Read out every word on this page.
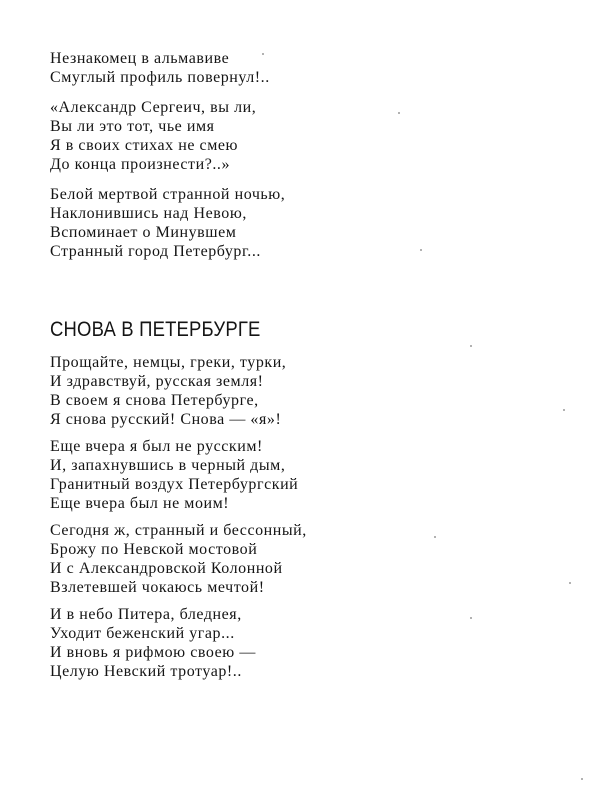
Незнакомец в альмавиве
Смуглый профиль повернул!..
«Александр Сергеич, вы ли,
Вы ли это тот, чье имя
Я в своих стихах не смею
До конца произнести?..»
Белой мертвой странной ночью,
Наклонившись над Невою,
Вспоминает о Минувшем
Странный город Петербург...
СНОВА В ПЕТЕРБУРГЕ
Прощайте, немцы, греки, турки,
И здравствуй, русская земля!
В своем я снова Петербурге,
Я снова русский! Снова — «я»!
Еще вчера я был не русским!
И, запахнувшись в черный дым,
Гранитный воздух Петербургский
Еще вчера был не моим!
Сегодня ж, странный и бессонный,
Брожу по Невской мостовой
И с Александровской Колонной
Взлетевшей чокаюсь мечтой!
И в небо Питера, бледнея,
Уходит беженский угар...
И вновь я рифмою своею —
Целую Невский тротуар!..
